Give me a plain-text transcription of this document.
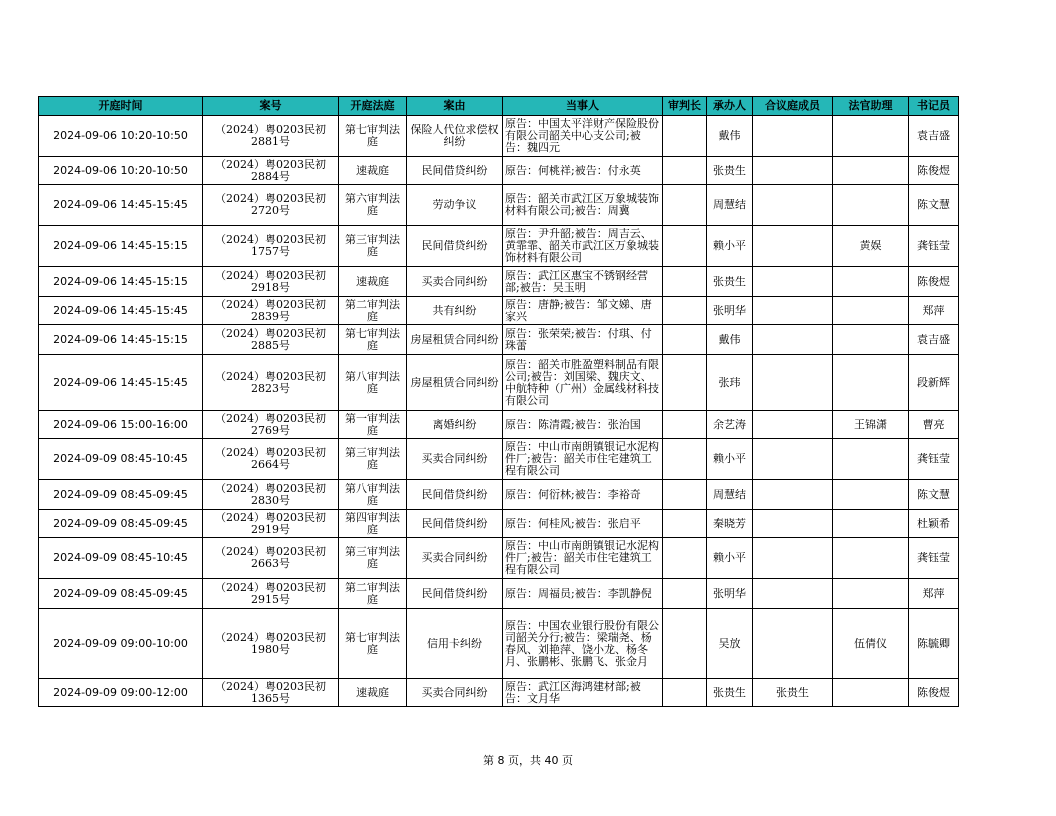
开庭时间	案号	开庭法庭	案由	当事人	审判长	承办人	合议庭成员	法官助理	书记员

2024-09-06 10:20-10:50	（2024）粤0203民初2881号	第七审判法庭	保险人代位求偿权纠纷	原告：中国太平洋财产保险股份有限公司韶关中心支公司;被告：魏四元		戴伟			袁吉盛

2024-09-06 10:20-10:50	（2024）粤0203民初2884号	速裁庭	民间借贷纠纷	原告：何桃祥;被告：付永英		张贵生			陈俊煜

2024-09-06 14:45-15:45	（2024）粤0203民初2720号	第六审判法庭	劳动争议	原告：韶关市武江区万象城装饰材料有限公司;被告：周冀		周慧结			陈文慧

2024-09-06 14:45-15:15	（2024）粤0203民初1757号	第三审判法庭	民间借贷纠纷	原告：尹升韶;被告：周吉云、黄霏霏、韶关市武江区万象城装饰材料有限公司		赖小平		黄娱	龚钰莹

2024-09-06 14:45-15:15	（2024）粤0203民初2918号	速裁庭	买卖合同纠纷	原告：武江区惠宝不锈钢经营部;被告：吴玉明		张贵生			陈俊煜

2024-09-06 14:45-15:45	（2024）粤0203民初2839号	第二审判法庭	共有纠纷	原告：唐静;被告：邹文娣、唐家兴		张明华			郑萍

2024-09-06 14:45-15:15	（2024）粤0203民初2885号	第七审判法庭	房屋租赁合同纠纷	原告：张荣荣;被告：付琪、付珠蕾		戴伟			袁吉盛

2024-09-06 14:45-15:45	（2024）粤0203民初2823号	第八审判法庭	房屋租赁合同纠纷	原告：韶关市胜盈塑料制品有限公司;被告：刘国梁、魏庆文、中航特种（广州）金属线材科技有限公司		张玮			段新辉

2024-09-06 15:00-16:00	（2024）粤0203民初2769号	第一审判法庭	离婚纠纷	原告：陈清霞;被告：张治国		余艺涛		王锦潇	曹亮

2024-09-09 08:45-10:45	（2024）粤0203民初2664号	第三审判法庭	买卖合同纠纷	原告：中山市南朗镇银记水泥构件厂;被告：韶关市住宅建筑工程有限公司		赖小平			龚钰莹

2024-09-09 08:45-09:45	（2024）粤0203民初2830号	第八审判法庭	民间借贷纠纷	原告：何衍林;被告：李裕奇		周慧结			陈文慧

2024-09-09 08:45-09:45	（2024）粤0203民初2919号	第四审判法庭	民间借贷纠纷	原告：何桂风;被告：张启平		秦晓芳			杜颖希

2024-09-09 08:45-10:45	（2024）粤0203民初2663号	第三审判法庭	买卖合同纠纷	原告：中山市南朗镇银记水泥构件厂;被告：韶关市住宅建筑工程有限公司		赖小平			龚钰莹

2024-09-09 08:45-09:45	（2024）粤0203民初2915号	第二审判法庭	民间借贷纠纷	原告：周福员;被告：李凯静倪		张明华			郑萍

2024-09-09 09:00-10:00	（2024）粤0203民初1980号	第七审判法庭	信用卡纠纷	原告：中国农业银行股份有限公司韶关分行;被告：梁瑞尧、杨春风、刘艳萍、饶小龙、杨冬月、张鹏彬、张鹏飞、张金月		吴放		伍倩仪	陈毓卿

2024-09-09 09:00-12:00	（2024）粤0203民初1365号	速裁庭	买卖合同纠纷	原告：武江区海鸿建材部;被告：文月华		张贵生	张贵生		陈俊煜
第 8 页，共 40 页
